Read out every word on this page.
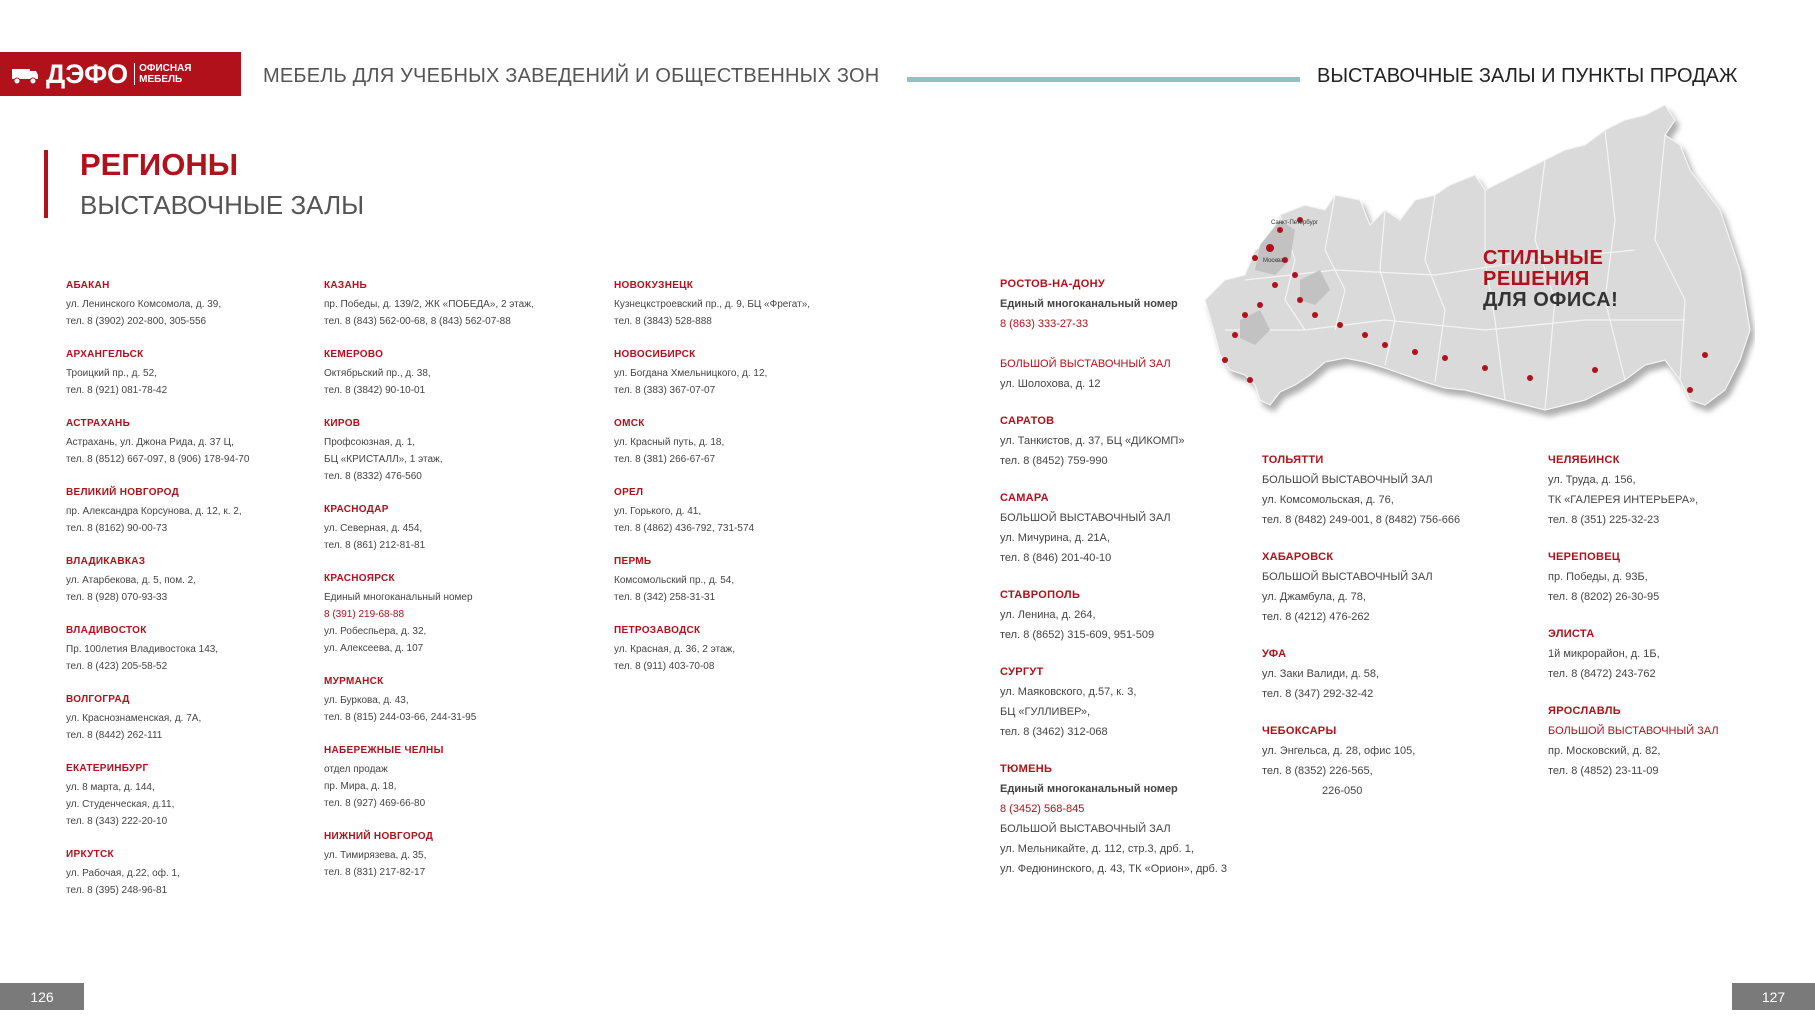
ДЭФО	ОФИСНАЯ
МЕБЕЛЬ	МЕБЕЛЬ ДЛЯ УЧЕБНЫХ ЗАВЕДЕНИЙ И ОБЩЕСТВЕННЫХ ЗОН	ВЫСТАВОЧНЫЕ ЗАЛЫ И ПУНКТЫ ПРОДАЖ
РЕГИОНЫ
ВЫСТАВОЧНЫЕ ЗАЛЫ
АБАКАН
ул. Ленинского Комсомола, д. 39,
тел. 8 (3902) 202-800, 305-556
АРХАНГЕЛЬСК
Троицкий пр., д. 52,
тел. 8 (921) 081-78-42
АСТРАХАНЬ
Астрахань, ул. Джона Рида, д. 37 Ц,
тел. 8 (8512) 667-097, 8 (906) 178-94-70
ВЕЛИКИЙ НОВГОРОД
пр. Александра Корсунова, д. 12, к. 2,
тел. 8 (8162) 90-00-73
ВЛАДИКАВКАЗ
ул. Атарбекова, д. 5, пом. 2,
тел. 8 (928) 070-93-33
ВЛАДИВОСТОК
Пр. 100летия Владивостока 143,
тел. 8 (423) 205-58-52
ВОЛГОГРАД
ул. Краснознаменская, д. 7А,
тел. 8 (8442) 262-111
ЕКАТЕРИНБУРГ
ул. 8 марта, д. 144,
ул. Студенческая, д.11,
тел. 8 (343) 222-20-10
ИРКУТСК
ул. Рабочая, д.22, оф. 1,
тел. 8 (395) 248-96-81
КАЗАНЬ
пр. Победы, д. 139/2, ЖК «ПОБЕДА», 2 этаж,
тел. 8 (843) 562-00-68, 8 (843) 562-07-88
КЕМЕРОВО
Октябрьский пр., д. 38,
тел. 8 (3842) 90-10-01
КИРОВ
Профсоюзная, д. 1,
БЦ «КРИСТАЛЛ», 1 этаж,
тел. 8 (8332) 476-560
КРАСНОДАР
ул. Северная, д. 454,
тел. 8 (861) 212-81-81
КРАСНОЯРСК
Единый многоканальный номер
8 (391) 219-68-88
ул. Робеспьера, д. 32,
ул. Алексеева, д. 107
МУРМАНСК
ул. Буркова, д. 43,
тел. 8 (815) 244-03-66, 244-31-95
НАБЕРЕЖНЫЕ ЧЕЛНЫ
отдел продаж
пр. Мира, д. 18,
тел. 8 (927) 469-66-80
НИЖНИЙ НОВГОРОД
ул. Тимирязева, д. 35,
тел. 8 (831) 217-82-17
НОВОКУЗНЕЦК
Кузнецкстроевский пр., д. 9, БЦ «Фрегат»,
тел. 8 (3843) 528-888
НОВОСИБИРСК
ул. Богдана Хмельницкого, д. 12,
тел. 8 (383) 367-07-07
ОМСК
ул. Красный путь, д. 18,
тел. 8 (381) 266-67-67
ОРЕЛ
ул. Горького, д. 41,
тел. 8 (4862) 436-792, 731-574
ПЕРМЬ
Комсомольский пр., д. 54,
тел. 8 (342) 258-31-31
ПЕТРОЗАВОДСК
ул. Красная, д. 36, 2 этаж,
тел. 8 (911) 403-70-08
РОСТОВ-НА-ДОНУ
Единый многоканальный номер
8 (863) 333-27-33

БОЛЬШОЙ ВЫСТАВОЧНЫЙ ЗАЛ
ул. Шолохова, д. 12
САРАТОВ
ул. Танкистов, д. 37, БЦ «ДИКОМП»
тел. 8 (8452) 759-990
САМАРА
БОЛЬШОЙ ВЫСТАВОЧНЫЙ ЗАЛ
ул. Мичурина, д. 21А,
тел. 8 (846) 201-40-10
СТАВРОПОЛЬ
ул. Ленина, д. 264,
тел. 8 (8652) 315-609, 951-509
СУРГУТ
ул. Маяковского, д.57, к. 3,
БЦ «ГУЛЛИВЕР»,
тел. 8 (3462) 312-068
ТЮМЕНЬ
Единый многоканальный номер
8 (3452) 568-845
БОЛЬШОЙ ВЫСТАВОЧНЫЙ ЗАЛ
ул. Мельникайте, д. 112, стр.3, дрб. 1,
ул. Федюнинского, д. 43, ТК «Орион», дрб. 3
ТОЛЬЯТТИ
БОЛЬШОЙ ВЫСТАВОЧНЫЙ ЗАЛ
ул. Комсомольская, д. 76,
тел. 8 (8482) 249-001, 8 (8482) 756-666
ХАБАРОВСК
БОЛЬШОЙ ВЫСТАВОЧНЫЙ ЗАЛ
ул. Джамбула, д. 78,
тел. 8 (4212) 476-262
УФА
ул. Заки Валиди, д. 58,
тел. 8 (347) 292-32-42
ЧЕБОКСАРЫ
ул. Энгельса, д. 28, офис 105,
тел. 8 (8352) 226-565,
226-050
ЧЕЛЯБИНСК
ул. Труда, д. 156,
ТК «ГАЛЕРЕЯ ИНТЕРЬЕРА»,
тел. 8 (351) 225-32-23
ЧЕРЕПОВЕЦ
пр. Победы, д. 93Б,
тел. 8 (8202) 26-30-95
ЭЛИСТА
1й микрорайон, д. 1Б,
тел. 8 (8472) 243-762
ЯРОСЛАВЛЬ
БОЛЬШОЙ ВЫСТАВОЧНЫЙ ЗАЛ
пр. Московский, д. 82,
тел. 8 (4852) 23-11-09
Москва
Санкт-Петербург
СТИЛЬНЫЕ
РЕШЕНИЯ
ДЛЯ ОФИСА!
126	127
